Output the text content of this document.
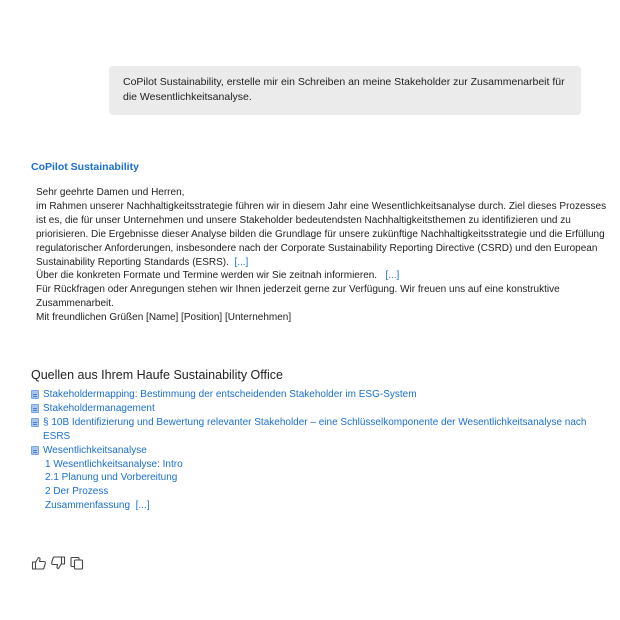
CoPilot Sustainability, erstelle mir ein Schreiben an meine Stakeholder zur Zusammenarbeit für die Wesentlichkeitsanalyse.
CoPilot Sustainability
Sehr geehrte Damen und Herren,
im Rahmen unserer Nachhaltigkeitsstrategie führen wir in diesem Jahr eine Wesentlichkeitsanalyse durch. Ziel dieses Prozesses ist es, die für unser Unternehmen und unsere Stakeholder bedeutendsten Nachhaltigkeitsthemen zu identifizieren und zu priorisieren. Die Ergebnisse dieser Analyse bilden die Grundlage für unsere zukünftige Nachhaltigkeitsstrategie und die Erfüllung regulatorischer Anforderungen, insbesondere nach der Corporate Sustainability Reporting Directive (CSRD) und den European Sustainability Reporting Standards (ESRS). [...]
Über die konkreten Formate und Termine werden wir Sie zeitnah informieren. [...]
Für Rückfragen oder Anregungen stehen wir Ihnen jederzeit gerne zur Verfügung. Wir freuen uns auf eine konstruktive Zusammenarbeit.
Mit freundlichen Grüßen [Name] [Position] [Unternehmen]
Quellen aus Ihrem Haufe Sustainability Office
Stakeholdermapping: Bestimmung der entscheidenden Stakeholder im ESG-System
Stakeholdermanagement
§ 10B Identifizierung und Bewertung relevanter Stakeholder – eine Schlüsselkomponente der Wesentlichkeitsanalyse nach ESRS
Wesentlichkeitsanalyse
1 Wesentlichkeitsanalyse: Intro
2.1 Planung und Vorbereitung
2 Der Prozess
Zusammenfassung [...]
